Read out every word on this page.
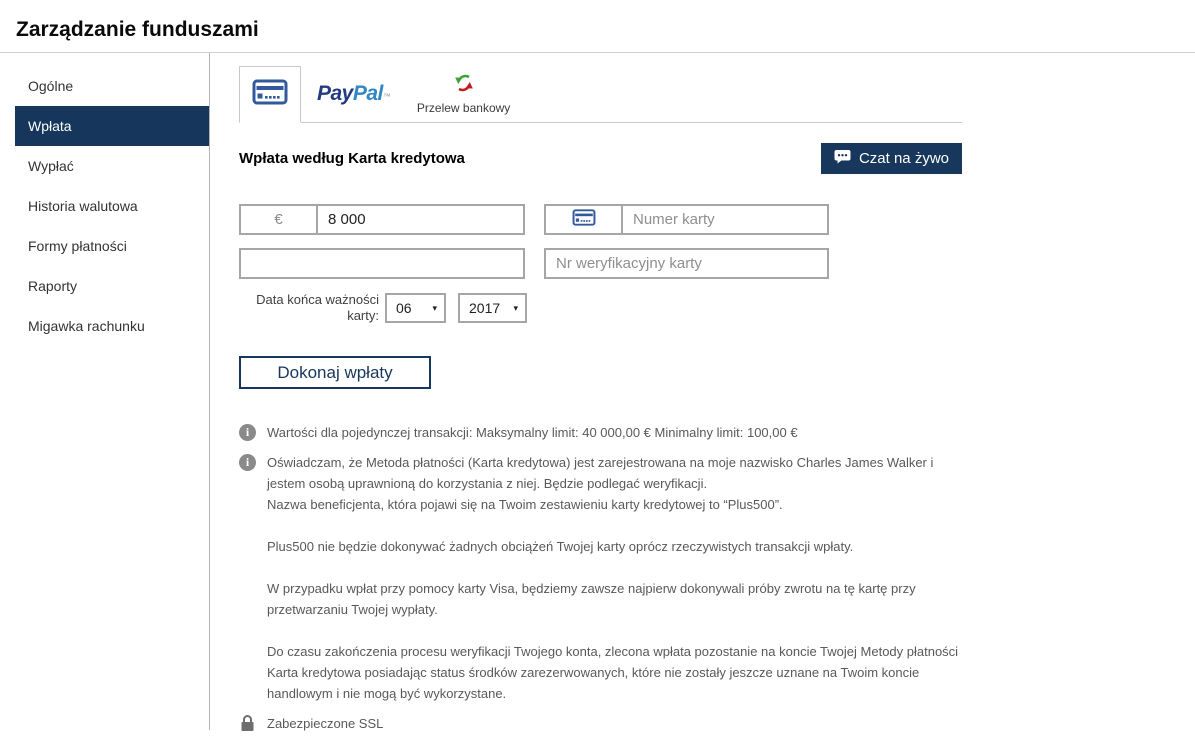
Zarządzanie funduszami
Ogólne
Wpłata
Wypłać
Historia walutowa
Formy płatności
Raporty
Migawka rachunku
PayPal ™
Przelew bankowy
Wpłata według Karta kredytowa	Czat na żywo
€
8 000
Numer karty
Nr weryfikacyjny karty
Data końca ważności
karty: 06 ▾ 2017 ▾
Dokonaj wpłaty
i

Wartości dla pojedynczej transakcji: Maksymalny limit: 40 000,00 € Minimalny limit: 100,00 €

i

Oświadczam, że Metoda płatności (Karta kredytowa) jest zarejestrowana na moje nazwisko Charles James Walker i jestem osobą uprawnioną do korzystania z niej. Będzie podlegać weryfikacji.

Nazwa beneficjenta, która pojawi się na Twoim zestawieniu karty kredytowej to “Plus500”.

Plus500 nie będzie dokonywać żadnych obciążeń Twojej karty oprócz rzeczywistych transakcji wpłaty.

W przypadku wpłat przy pomocy karty Visa, będziemy zawsze najpierw dokonywali próby zwrotu na tę kartę przy przetwarzaniu Twojej wypłaty.

Do czasu zakończenia procesu weryfikacji Twojego konta, zlecona wpłata pozostanie na koncie Twojej Metody płatności Karta kredytowa posiadając status środków zarezerwowanych, które nie zostały jeszcze uznane na Twoim koncie handlowym i nie mogą być wykorzystane.

Zabezpieczone SSL
